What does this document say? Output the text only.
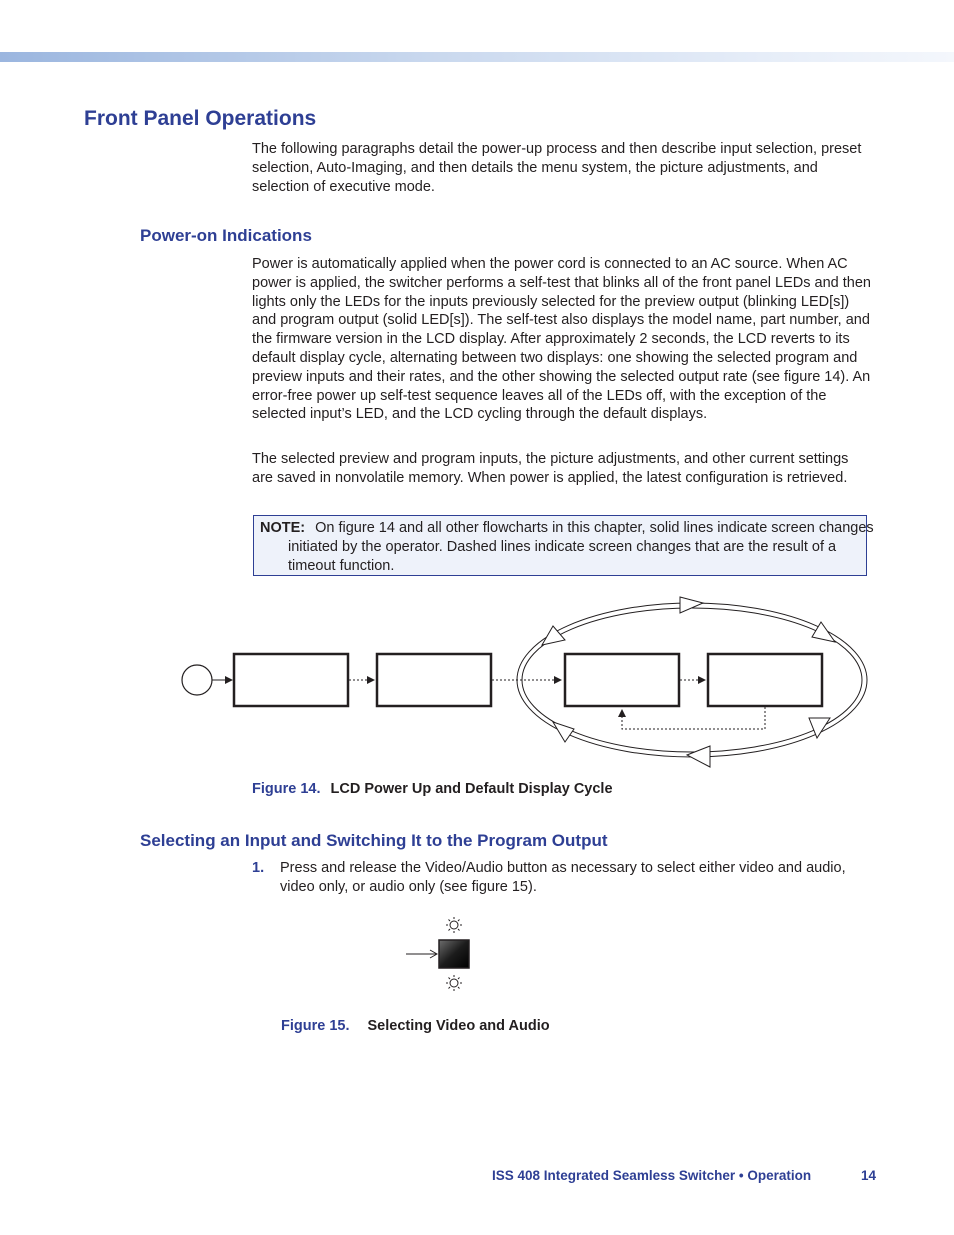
Front Panel Operations

The following paragraphs detail the power-up process and then describe input selection, preset selection, Auto-Imaging, and then details the menu system, the picture adjustments, and selection of executive mode.

Power-on Indications

Power is automatically applied when the power cord is connected to an AC source. When AC power is applied, the switcher performs a self-test that blinks all of the front panel LEDs and then lights only the LEDs for the inputs previously selected for the preview output (blinking LED[s]) and program output (solid LED[s]). The self-test also displays the model name, part number, and the firmware version in the LCD display. After approximately 2 seconds, the LCD reverts to its default display cycle, alternating between two displays: one showing the selected program and preview inputs and their rates, and the other showing the selected output rate (see figure 14). An error-free power up self-test sequence leaves all of the LEDs off, with the exception of the selected input’s LED, and the LCD cycling through the default displays.

The selected preview and program inputs, the picture adjustments, and other current settings are saved in nonvolatile memory. When power is applied, the latest configuration is retrieved.

NOTE: On figure 14 and all other flowcharts in this chapter, solid lines indicate screen changes initiated by the operator. Dashed lines indicate screen changes that are the result of a timeout function.

Figure 14. LCD Power Up and Default Display Cycle

Selecting an Input and Switching It to the Program Output
1. Press and release the Video/Audio button as necessary to select either video and audio, video only, or audio only (see figure 15).

Figure 15. Selecting Video and Audio

ISS 408 Integrated Seamless Switcher • Operation	14
